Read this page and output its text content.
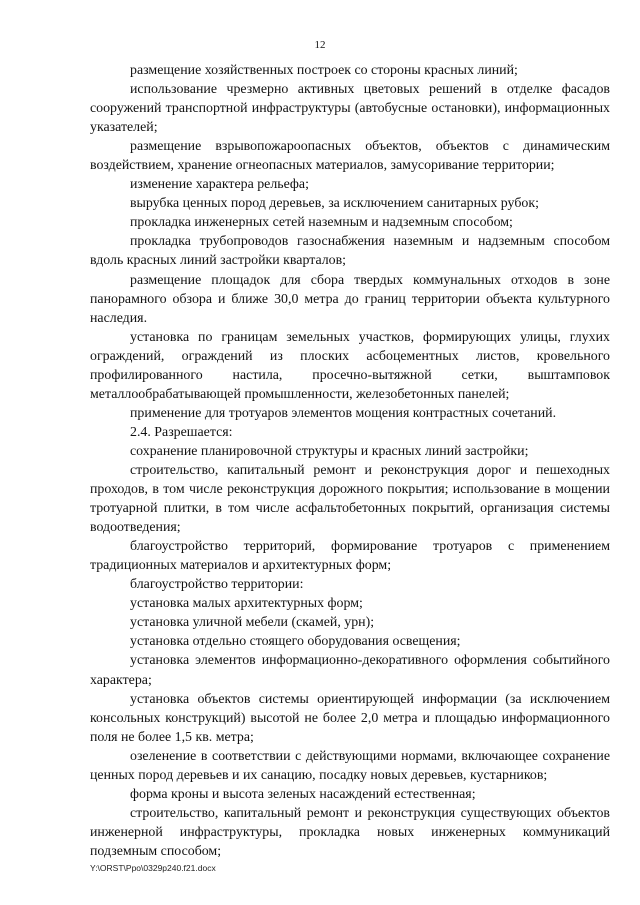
12

размещение хозяйственных построек со стороны красных линий;

использование чрезмерно активных цветовых решений в отделке фасадов сооружений транспортной инфраструктуры (автобусные остановки), информационных указателей;

размещение взрывопожароопасных объектов, объектов с динамическим воздействием, хранение огнеопасных материалов, замусоривание территории;

изменение характера рельефа;

вырубка ценных пород деревьев, за исключением санитарных рубок;

прокладка инженерных сетей наземным и надземным способом;

прокладка трубопроводов газоснабжения наземным и надземным способом вдоль красных линий застройки кварталов;

размещение площадок для сбора твердых коммунальных отходов в зоне панорамного обзора и ближе 30,0 метра до границ территории объекта культурного наследия.

установка по границам земельных участков, формирующих улицы, глухих ограждений, ограждений из плоских асбоцементных листов, кровельного профилированного настила, просечно-вытяжной сетки, выштамповок металлообрабатывающей промышленности, железобетонных панелей;

применение для тротуаров элементов мощения контрастных сочетаний.

2.4. Разрешается:

сохранение планировочной структуры и красных линий застройки;

строительство, капитальный ремонт и реконструкция дорог и пешеходных проходов, в том числе реконструкция дорожного покрытия; использование в мощении тротуарной плитки, в том числе асфальтобетонных покрытий, организация системы водоотведения;

благоустройство территорий, формирование тротуаров с применением традиционных материалов и архитектурных форм;

благоустройство территории:

установка малых архитектурных форм;

установка уличной мебели (скамей, урн);

установка отдельно стоящего оборудования освещения;

установка элементов информационно-декоративного оформления событийного характера;

установка объектов системы ориентирующей информации (за исключением консольных конструкций) высотой не более 2,0 метра и площадью информационного поля не более 1,5 кв. метра;

озеленение в соответствии с действующими нормами, включающее сохранение ценных пород деревьев и их санацию, посадку новых деревьев, кустарников;

форма кроны и высота зеленых насаждений естественная;

строительство, капитальный ремонт и реконструкция существующих объектов инженерной инфраструктуры, прокладка новых инженерных коммуникаций подземным способом;

Y:\ORST\Ppo\0329p240.f21.docx
